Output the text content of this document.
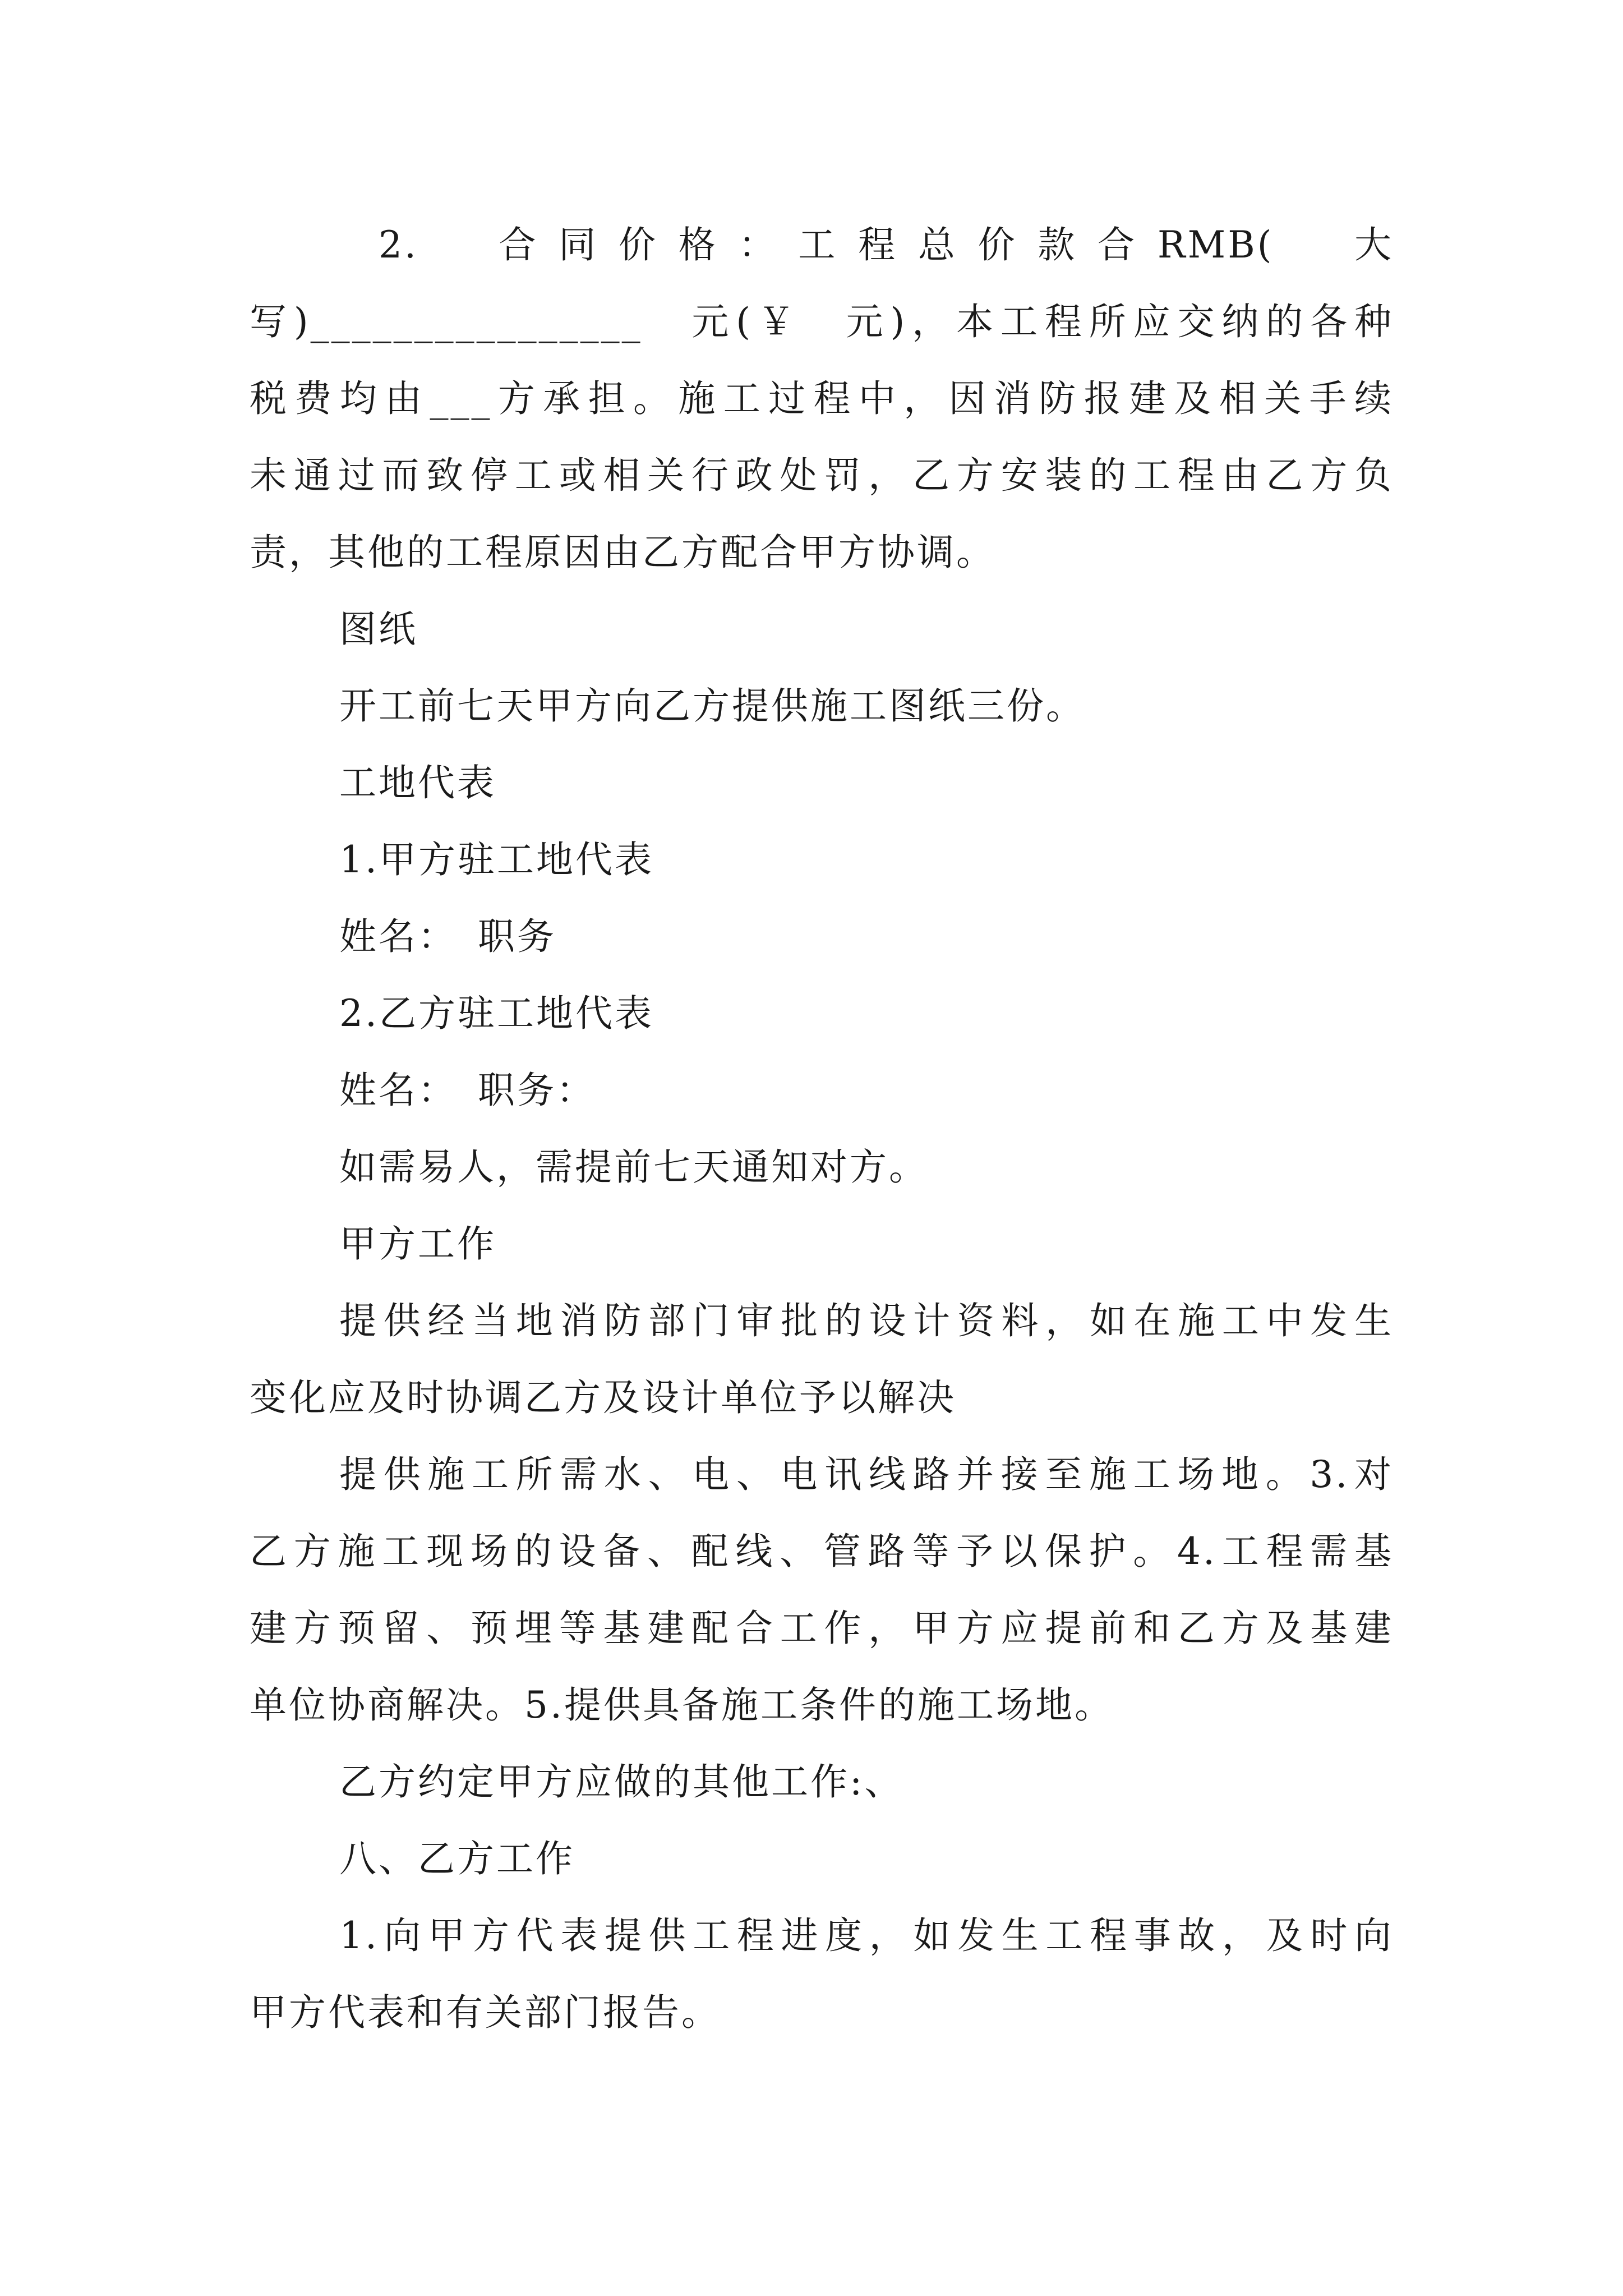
2.　合同价格：工程总价款合RMB(　大
写)________________　元(￥　元)，本工程所应交纳的各种
税费均由___方承担。施工过程中，因消防报建及相关手续
未通过而致停工或相关行政处罚，乙方安装的工程由乙方负
责，其他的工程原因由乙方配合甲方协调。
图纸
开工前七天甲方向乙方提供施工图纸三份。
工地代表
1.甲方驻工地代表
姓名：　职务
2.乙方驻工地代表
姓名：　职务：
如需易人，需提前七天通知对方。
甲方工作
提供经当地消防部门审批的设计资料，如在施工中发生
变化应及时协调乙方及设计单位予以解决
提供施工所需水、电、电讯线路并接至施工场地。3.对
乙方施工现场的设备、配线、管路等予以保护。4.工程需基
建方预留、预埋等基建配合工作，甲方应提前和乙方及基建
单位协商解决。5.提供具备施工条件的施工场地。
乙方约定甲方应做的其他工作:、
八、乙方工作
1.向甲方代表提供工程进度，如发生工程事故，及时向
甲方代表和有关部门报告。
